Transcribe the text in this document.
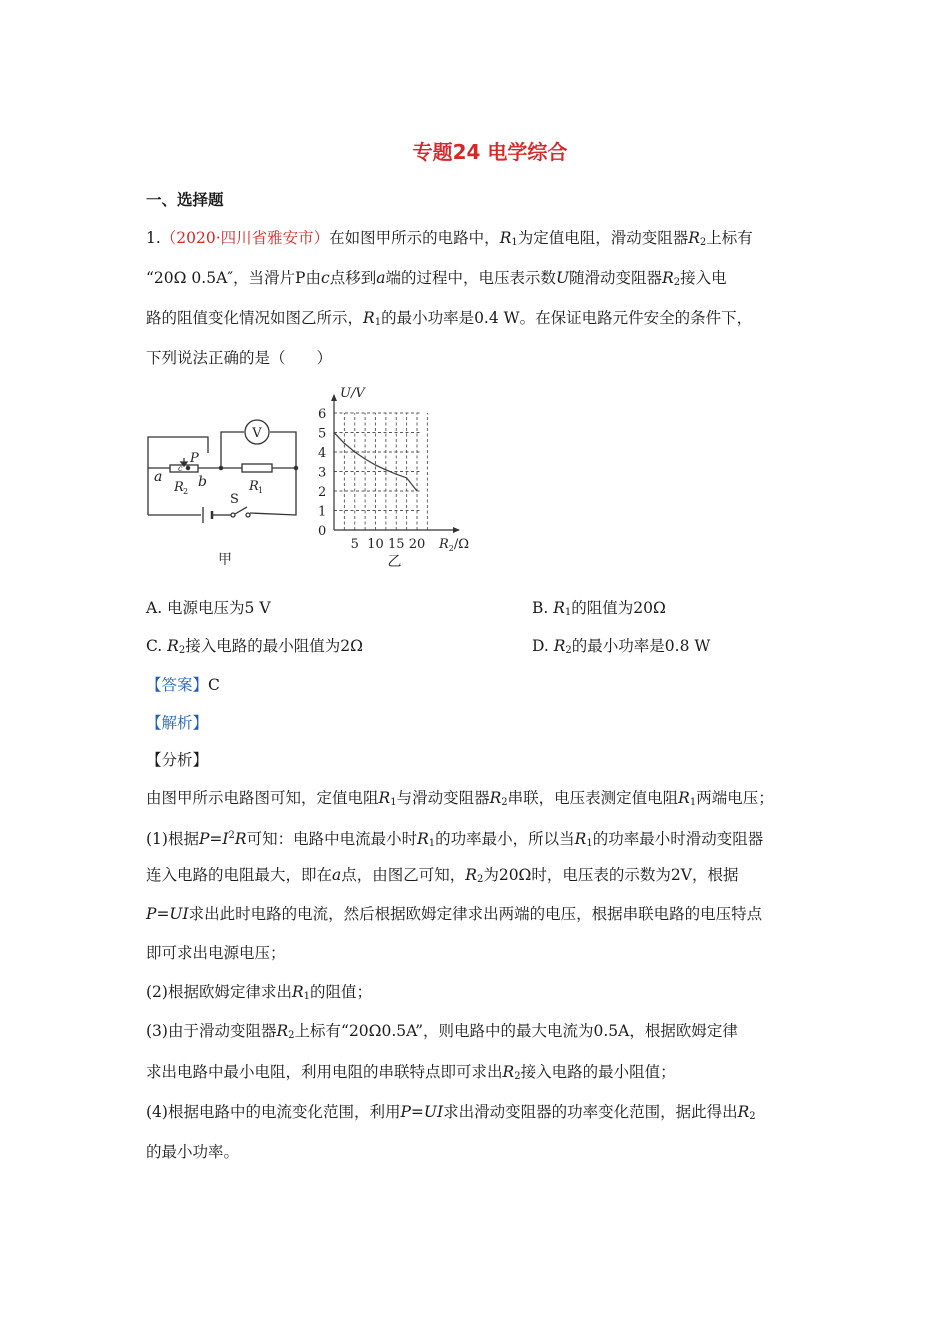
专题24 电学综合
一、选择题
1.（2020·四川省雅安市）在如图甲所示的电路中，$R_1$为定值电阻，滑动变阻器$R_2$上标有
“20Ω 0.5A″，当滑片P由c点移到a端的过程中，电压表示数U随滑动变阻器$R_2$接入电
路的阻值变化情况如图乙所示，$R_1$的最小功率是0.4 W。在保证电路元件安全的条件下，
下列说法正确的是（　　）
V
a	b
c
P
R 2	R 1
S
甲
1
2
3
4
5
6
5 10 15 20
U/V
$R_2/\Omega$
0
乙
A. 电源电压为5 V	B. $R_1$的阻值为20Ω
C. $R_2$接入电路的最小阻值为2Ω	D. $R_2$的最小功率是0.8 W
【答案】C
【解析】
【分析】
由图甲所示电路图可知，定值电阻$R_1$与滑动变阻器$R_2$串联，电压表测定值电阻$R_1$两端电压；
(1)根据$P=I^2R$可知：电路中电流最小时$R_1$的功率最小，所以当$R_1$的功率最小时滑动变阻器
连入电路的电阻最大，即在a点，由图乙可知，$R_2$为20Ω时，电压表的示数为2V，根据
P=UI求出此时电路的电流，然后根据欧姆定律求出两端的电压，根据串联电路的电压特点
即可求出电源电压；
(2)根据欧姆定律求出$R_1$的阻值；
(3)由于滑动变阻器$R_2$上标有“20Ω0.5A”，则电路中的最大电流为0.5A，根据欧姆定律
求出电路中最小电阻，利用电阻的串联特点即可求出$R_2$接入电路的最小阻值；
(4)根据电路中的电流变化范围，利用P=UI求出滑动变阻器的功率变化范围，据此得出$R_2$
的最小功率。
